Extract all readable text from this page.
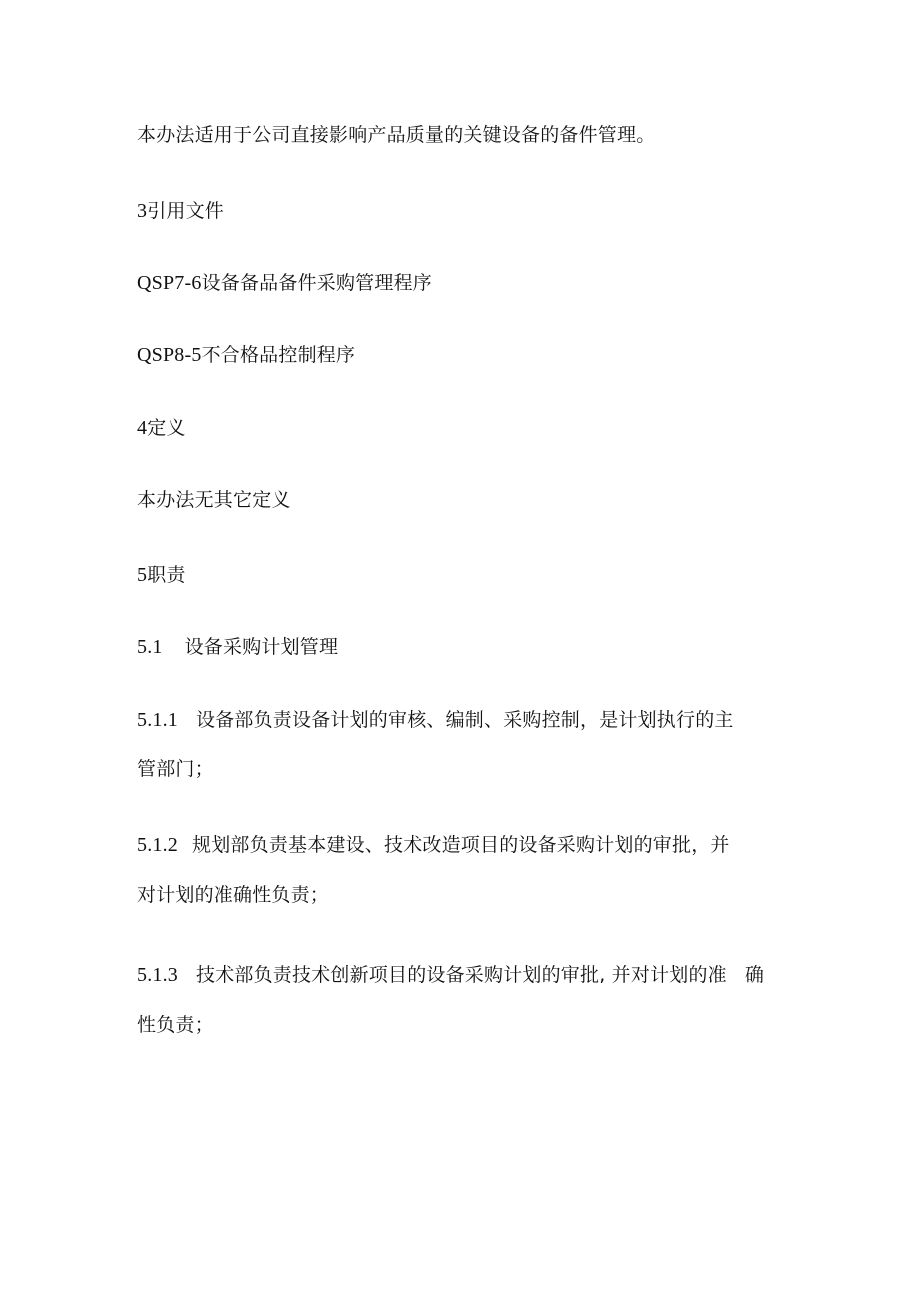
本办法适用于公司直接影响产品质量的关键设备的备件管理。
3引用文件
QSP7-6设备备品备件采购管理程序
QSP8-5不合格品控制程序
4定义
本办法无其它定义
5职责
5.1 设备采购计划管理
5.1.1 设备部负责设备计划的审核、编制、采购控制，是计划执行的主
管部门；
5.1.2 规划部负责基本建设、技术改造项目的设备采购计划的审批，并
对计划的准确性负责；
5.1.3 技术部负责技术创新项目的设备采购计划的审批, 并对计划的准 确
性负责；
